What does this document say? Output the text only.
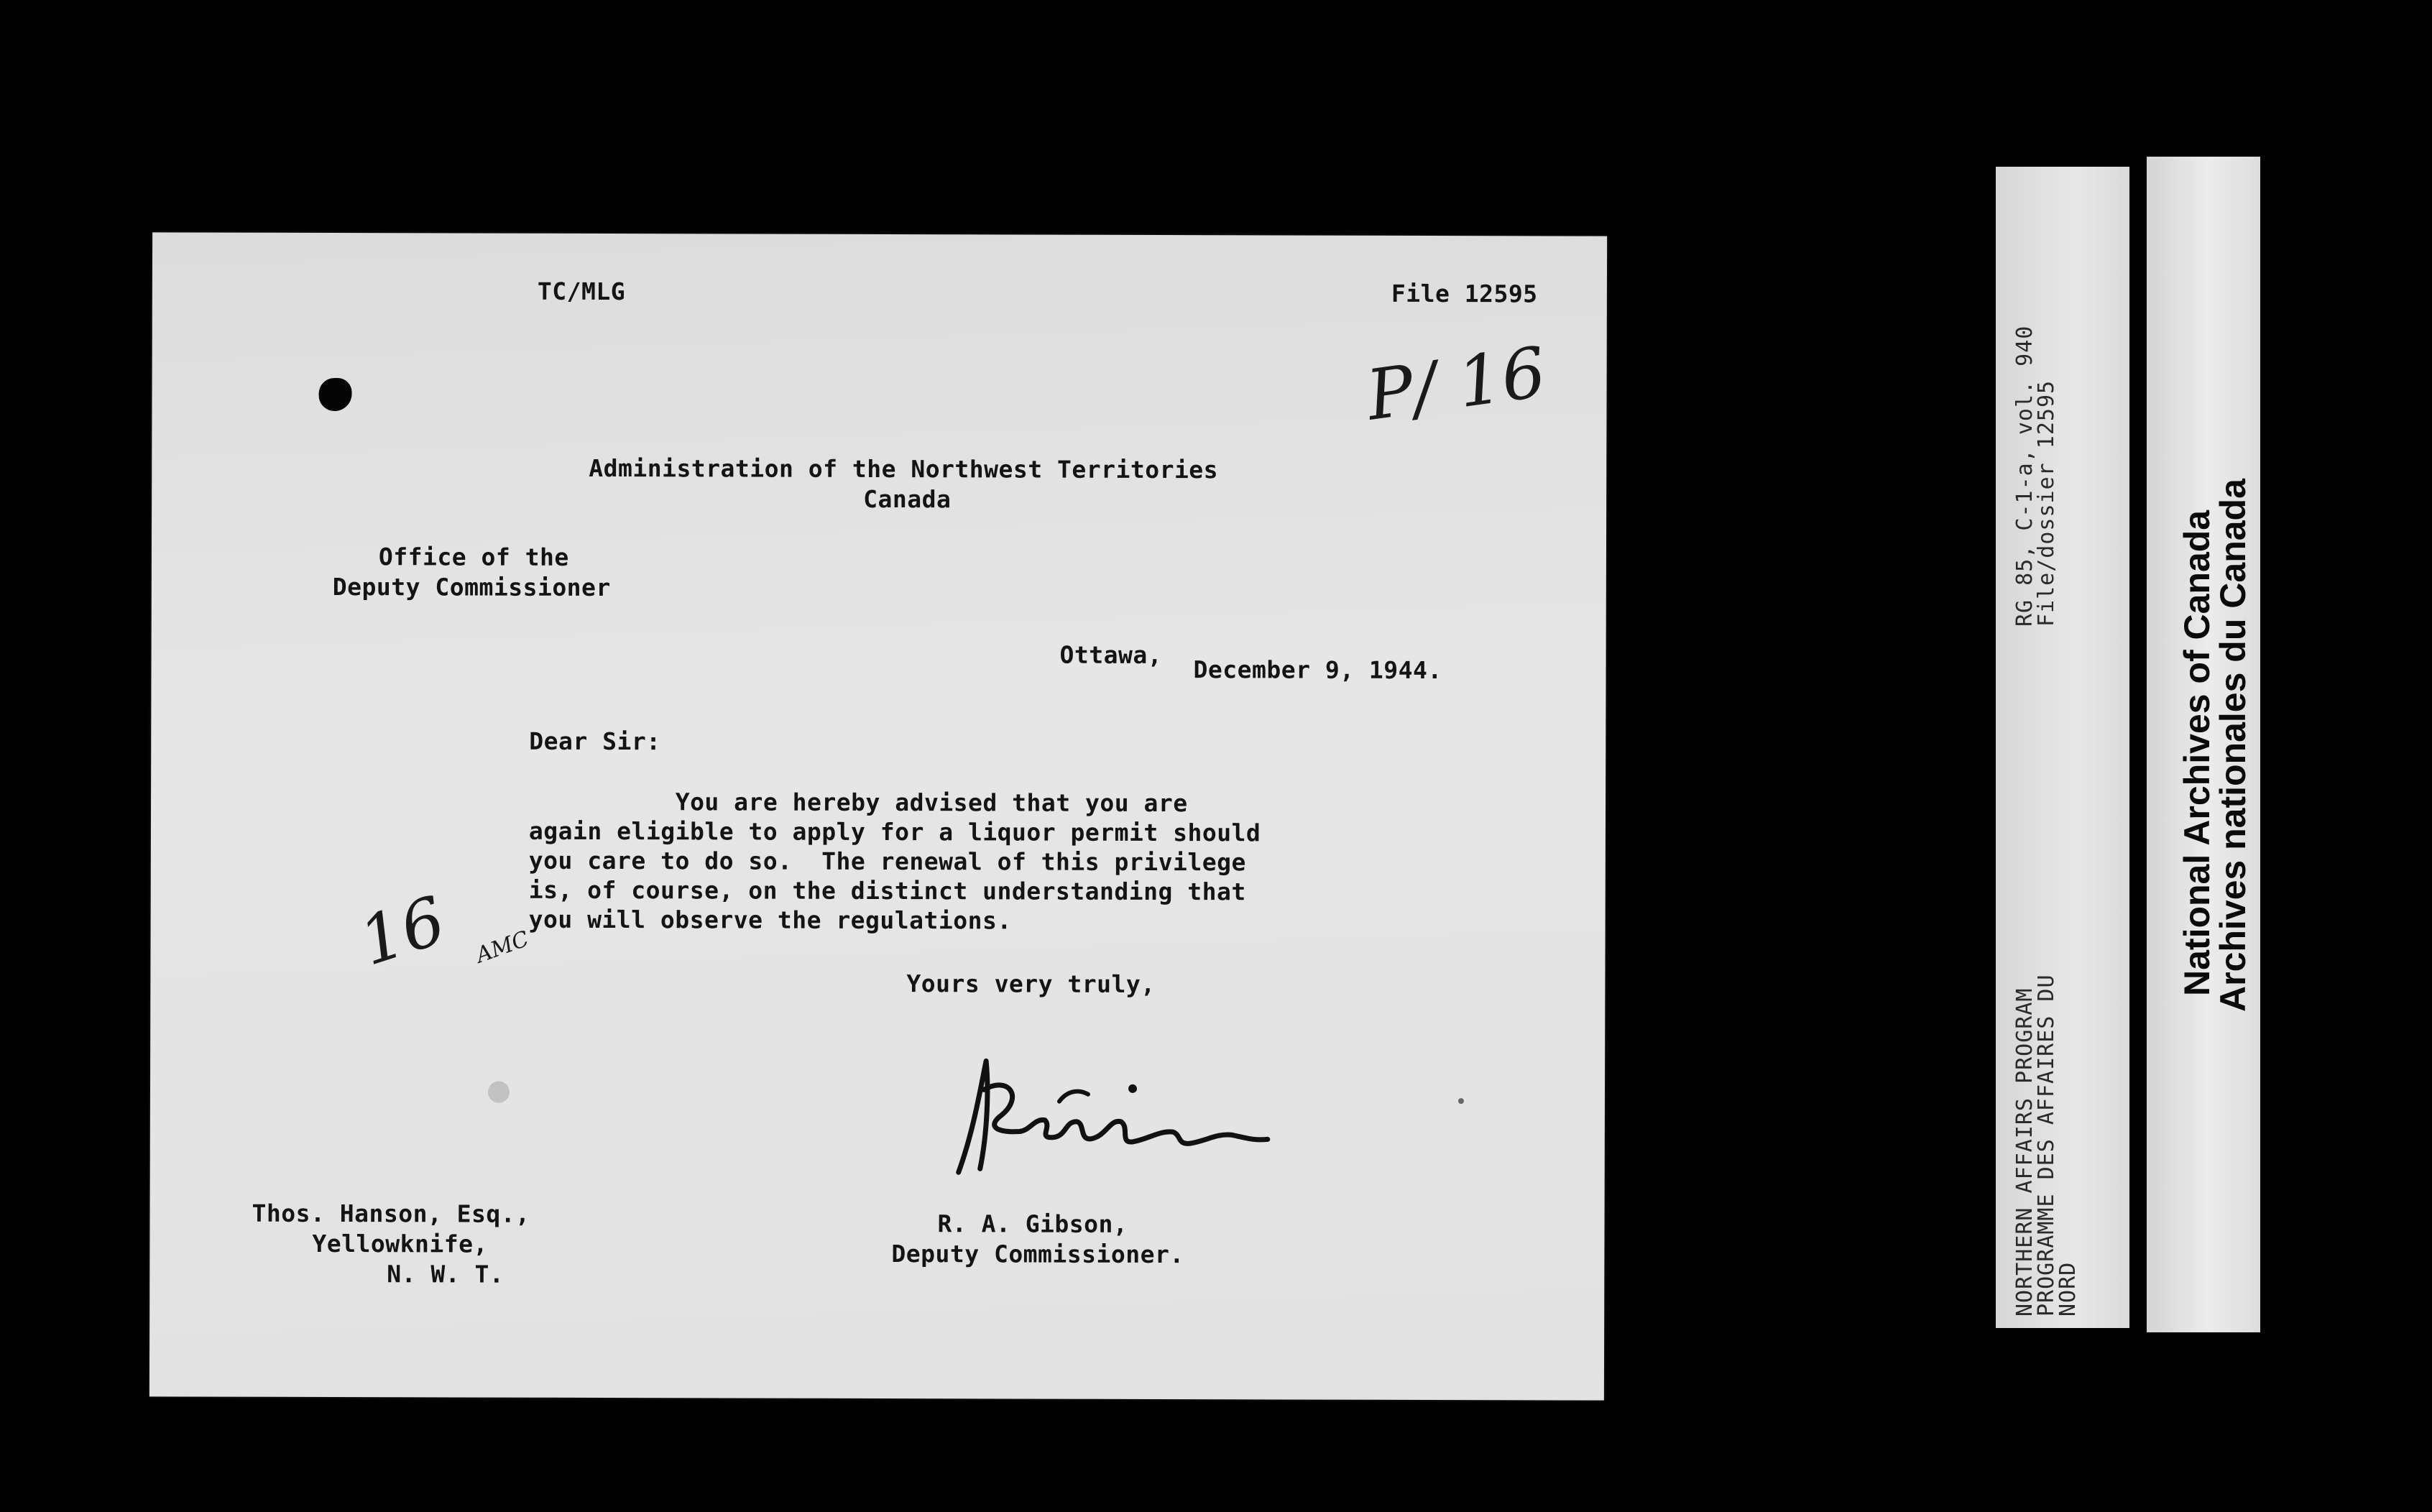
TC/MLG	File 12595
P/ 16
Administration of the Northwest Territories
Canada
Office of the
Deputy Commissioner
Ottawa,
December 9, 1944.
Dear Sir:
You are hereby advised that you are
again eligible to apply for a liquor permit should
you care to do so.  The renewal of this privilege
is, of course, on the distinct understanding that
you will observe the regulations.
16 AMC
Yours very truly,
R. A. Gibson,
Deputy Commissioner.
Thos. Hanson, Esq.,
Yellowknife,
N. W. T.	NORTHERN AFFAIRS PROGRAM
PROGRAMME DES AFFAIRES DU
NORD
RG 85, C-1-a, vol. 940
File/dossier 12595
National Archives of Canada
Archives nationales du Canada
